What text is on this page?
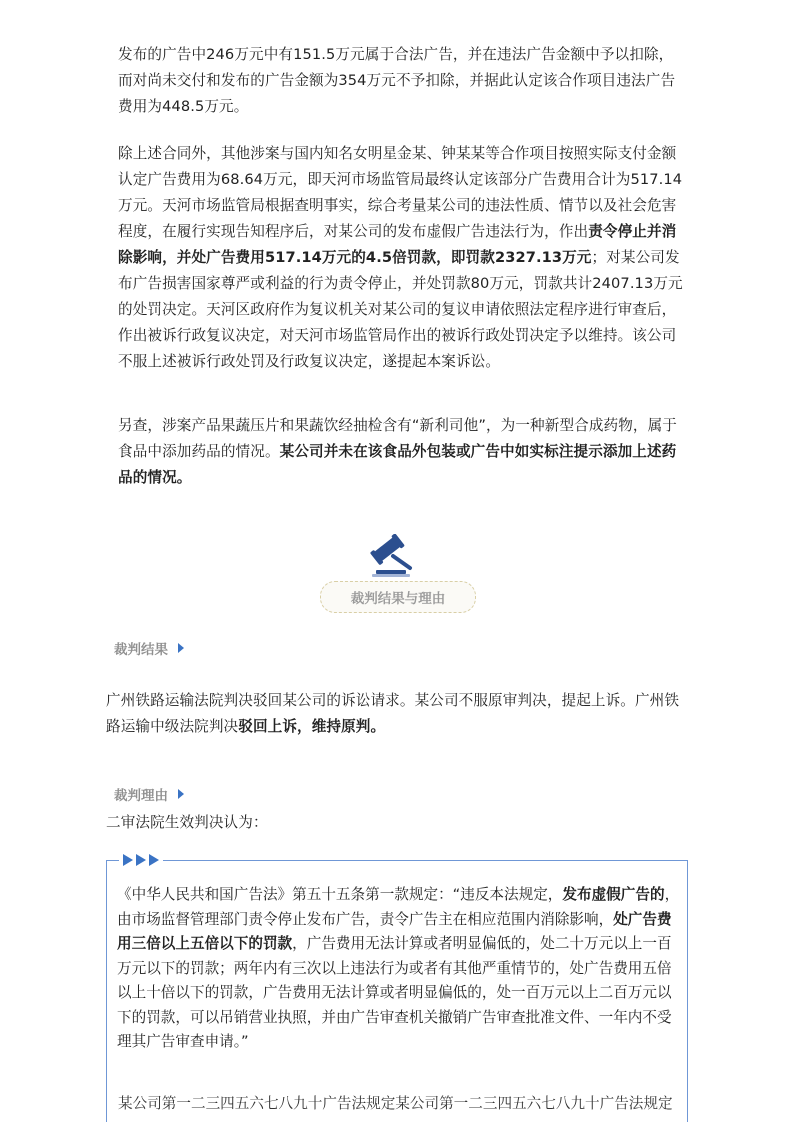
发布的广告中246万元中有151.5万元属于合法广告，并在违法广告金额中予以扣除，而对尚未交付和发布的广告金额为354万元不予扣除，并据此认定该合作项目违法广告费用为448.5万元。

除上述合同外，其他涉案与国内知名女明星金某、钟某某等合作项目按照实际支付金额认定广告费用为68.64万元，即天河市场监管局最终认定该部分广告费用合计为517.14万元。天河市场监管局根据查明事实，综合考量某公司的违法性质、情节以及社会危害程度，在履行实现告知程序后，对某公司的发布虚假广告违法行为，作出责令停止并消除影响，并处广告费用517.14万元的4.5倍罚款，即罚款2327.13万元；对某公司发布广告损害国家尊严或利益的行为责令停止，并处罚款80万元，罚款共计2407.13万元的处罚决定。天河区政府作为复议机关对某公司的复议申请依照法定程序进行审查后，作出被诉行政复议决定，对天河市场监管局作出的被诉行政处罚决定予以维持。该公司不服上述被诉行政处罚及行政复议决定，遂提起本案诉讼。

另查，涉案产品果蔬压片和果蔬饮经抽检含有“新利司他”，为一种新型合成药物，属于食品中添加药品的情况。某公司并未在该食品外包装或广告中如实标注提示添加上述药品的情况。

裁判结果与理由
裁判结果

广州铁路运输法院判决驳回某公司的诉讼请求。某公司不服原审判决，提起上诉。广州铁路运输中级法院判决驳回上诉，维持原判。

裁判理由

二审法院生效判决认为：

《中华人民共和国广告法》第五十五条第一款规定：“违反本法规定，发布虚假广告的，由市场监督管理部门责令停止发布广告，责令广告主在相应范围内消除影响，处广告费用三倍以上五倍以下的罚款，广告费用无法计算或者明显偏低的，处二十万元以上一百万元以下的罚款；两年内有三次以上违法行为或者有其他严重情节的，处广告费用五倍以上十倍以下的罚款，广告费用无法计算或者明显偏低的，处一百万元以上二百万元以下的罚款，可以吊销营业执照，并由广告审查机关撤销广告审查批准文件、一年内不受理其广告审查申请。”

某公司第一二三四五六七八九十广告法规定某公司第一二三四五六七八九十广告法规定
